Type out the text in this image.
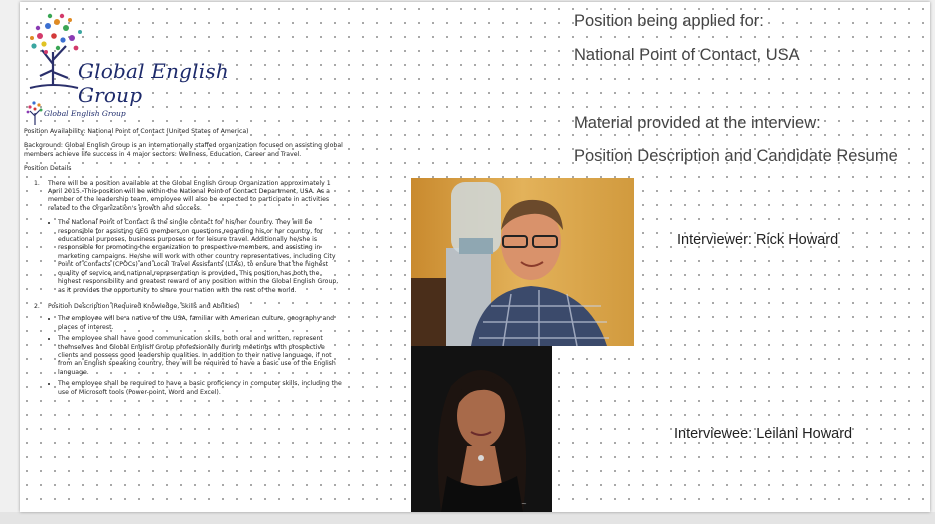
Global English Group
Global English Group

Position Availability: National Point of Contact (United States of America)

Background: Global English Group is an internationally staffed organization focused on assisting global members achieve life success in 4 major sectors: Wellness, Education, Career and Travel.

Position Details

1.	There will be a position available at the Global English Group Organization approximately 1 April 2015. This position will be within the National Point of Contact Department, USA. As a member of the leadership team, employee will also be expected to participate in activities related to the Organization's growth and success.
• The National Point of Contact is the single contact for his/her country. They will be responsible for assisting GEG members on questions regarding his or her country, for educational purposes, business purposes or for leisure travel. Additionally he/she is responsible for promoting the organization to prospective members, and assisting in marketing campaigns. He/she will work with other country representatives, including City Point of Contacts (CPOCs) and Local Travel Assistants (LTAs), to ensure that the highest quality of service and national representation is provided. This position has both the highest responsibility and greatest reward of any position within the Global English Group, as it provides the opportunity to share your nation with the rest of the world.
2.	Position Description (Required Knowledge, Skills and Abilities)
• The employee will be a native of the USA, familiar with American culture, geography and places of interest.
• The employee shall have good communication skills, both oral and written, represent themselves and Global English Group professionally during meetings with prospective clients and possess good leadership qualities. In addition to their native language, if not from an English speaking country, they will be required to have a basic use of the English language.
• The employee shall be required to have a basic proficiency in computer skills, including the use of Microsoft tools (Power-point, Word and Excel).
Position being applied for:
National Point of Contact, USA
Material provided at the interview:
Position Description and Candidate Resume
~
Interviewer: Rick Howard
Interviewee: Leilani Howard
